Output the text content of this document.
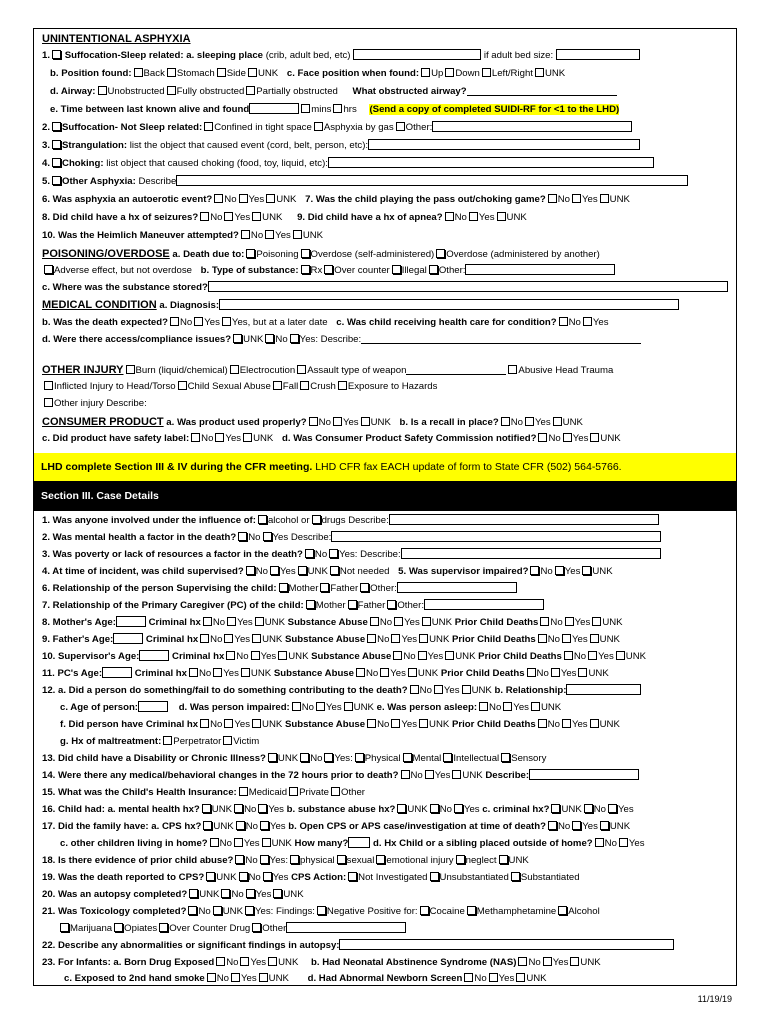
UNINTENTIONAL ASPHYXIA
1. Suffocation-Sleep related: a. sleeping place (crib, adult bed, etc)	if adult bed size:
b. Position found: Back Stomach Side UNK c. Face position when found: Up Down Left/Right UNK
d. Airway: Unobstructed Fully obstructed Partially obstructed What obstructed airway?
e. Time between last known alive and found	mins hrs (Send a copy of completed SUIDI-RF for <1 to the LHD)
2. Suffocation- Not Sleep related: Confined in tight space Asphyxia by gas Other:
3. Strangulation: list the object that caused event (cord, belt, person, etc):
4. Choking: list object that caused choking (food, toy, liquid, etc):
5. Other Asphyxia: Describe
6. Was asphyxia an autoerotic event? No Yes UNK 7. Was the child playing the pass out/choking game? No Yes UNK
8. Did child have a hx of seizures? No Yes UNK 9. Did child have a hx of apnea? No Yes UNK
10. Was the Heimlich Maneuver attempted? No Yes UNK
POISONING/OVERDOSE a. Death due to: Poisoning Overdose (self-administered) Overdose (administered by another)
Adverse effect, but not overdose b. Type of substance: Rx Over counter Illegal Other:
c. Where was the substance stored?
MEDICAL CONDITION a. Diagnosis:
b. Was the death expected? No Yes Yes, but at a later date c. Was child receiving health care for condition? No Yes
d. Were there access/compliance issues? UNK No Yes: Describe:
OTHER INJURY Burn (liquid/chemical) Electrocution Assault type of weapon	Abusive Head Trauma
Inflicted Injury to Head/Torso Child Sexual Abuse Fall Crush Exposure to Hazards
Other injury Describe:
CONSUMER PRODUCT a. Was product used properly? No Yes UNK b. Is a recall in place? No Yes UNK
c. Did product have safety label: No Yes UNK d. Was Consumer Product Safety Commission notified? No Yes UNK
LHD complete Section III & IV during the CFR meeting. LHD CFR fax EACH update of form to State CFR (502) 564-5766.
Section III. Case Details
1. Was anyone involved under the influence of: alcohol or drugs Describe:
2. Was mental health a factor in the death? No Yes Describe:
3. Was poverty or lack of resources a factor in the death? No Yes: Describe:
4. At time of incident, was child supervised? No Yes UNK Not needed 5. Was supervisor impaired? No Yes UNK
6. Relationship of the person Supervising the child: Mother Father Other:
7. Relationship of the Primary Caregiver (PC) of the child: Mother Father Other:
8. Mother's Age:	Criminal hx No Yes UNK Substance Abuse No Yes UNK Prior Child Deaths No Yes UNK
9. Father's Age:	Criminal hx No Yes UNK Substance Abuse No Yes UNK Prior Child Deaths No Yes UNK
10. Supervisor's Age:	Criminal hx No Yes UNK Substance Abuse No Yes UNK Prior Child Deaths No Yes UNK
11. PC's Age:	Criminal hx No Yes UNK Substance Abuse No Yes UNK Prior Child Deaths No Yes UNK
12. a. Did a person do something/fail to do something contributing to the death? No Yes UNK b. Relationship:
c. Age of person:	d. Was person impaired: No Yes UNK e. Was person asleep: No Yes UNK
f. Did person have Criminal hx No Yes UNK Substance Abuse No Yes UNK Prior Child Deaths No Yes UNK
g. Hx of maltreatment: Perpetrator Victim
13. Did child have a Disability or Chronic Illness? UNK No Yes: Physical Mental Intellectual Sensory
14. Were there any medical/behavioral changes in the 72 hours prior to death? No Yes UNK Describe:
15. What was the Child's Health Insurance: Medicaid Private Other
16. Child had: a. mental health hx? UNK No Yes b. substance abuse hx? UNK No Yes c. criminal hx? UNK No Yes
17. Did the family have: a. CPS hx? UNK No Yes b. Open CPS or APS case/investigation at time of death? No Yes UNK
c. other children living in home? No Yes UNK How many?	d. Hx Child or a sibling placed outside of home? No Yes
18. Is there evidence of prior child abuse? No Yes: physical sexual emotional injury neglect UNK
19. Was the death reported to CPS? UNK No Yes CPS Action: Not Investigated Unsubstantiated Substantiated
20. Was an autopsy completed? UNK No Yes UNK
21. Was Toxicology completed? No UNK Yes: Findings: Negative Positive for: Cocaine Methamphetamine Alcohol
Marijuana Opiates Over Counter Drug Other
22. Describe any abnormalities or significant findings in autopsy:
23. For Infants: a. Born Drug Exposed No Yes UNK b. Had Neonatal Abstinence Syndrome (NAS) No Yes UNK
c. Exposed to 2nd hand smoke No Yes UNK d. Had Abnormal Newborn Screen No Yes UNK
11/19/19
